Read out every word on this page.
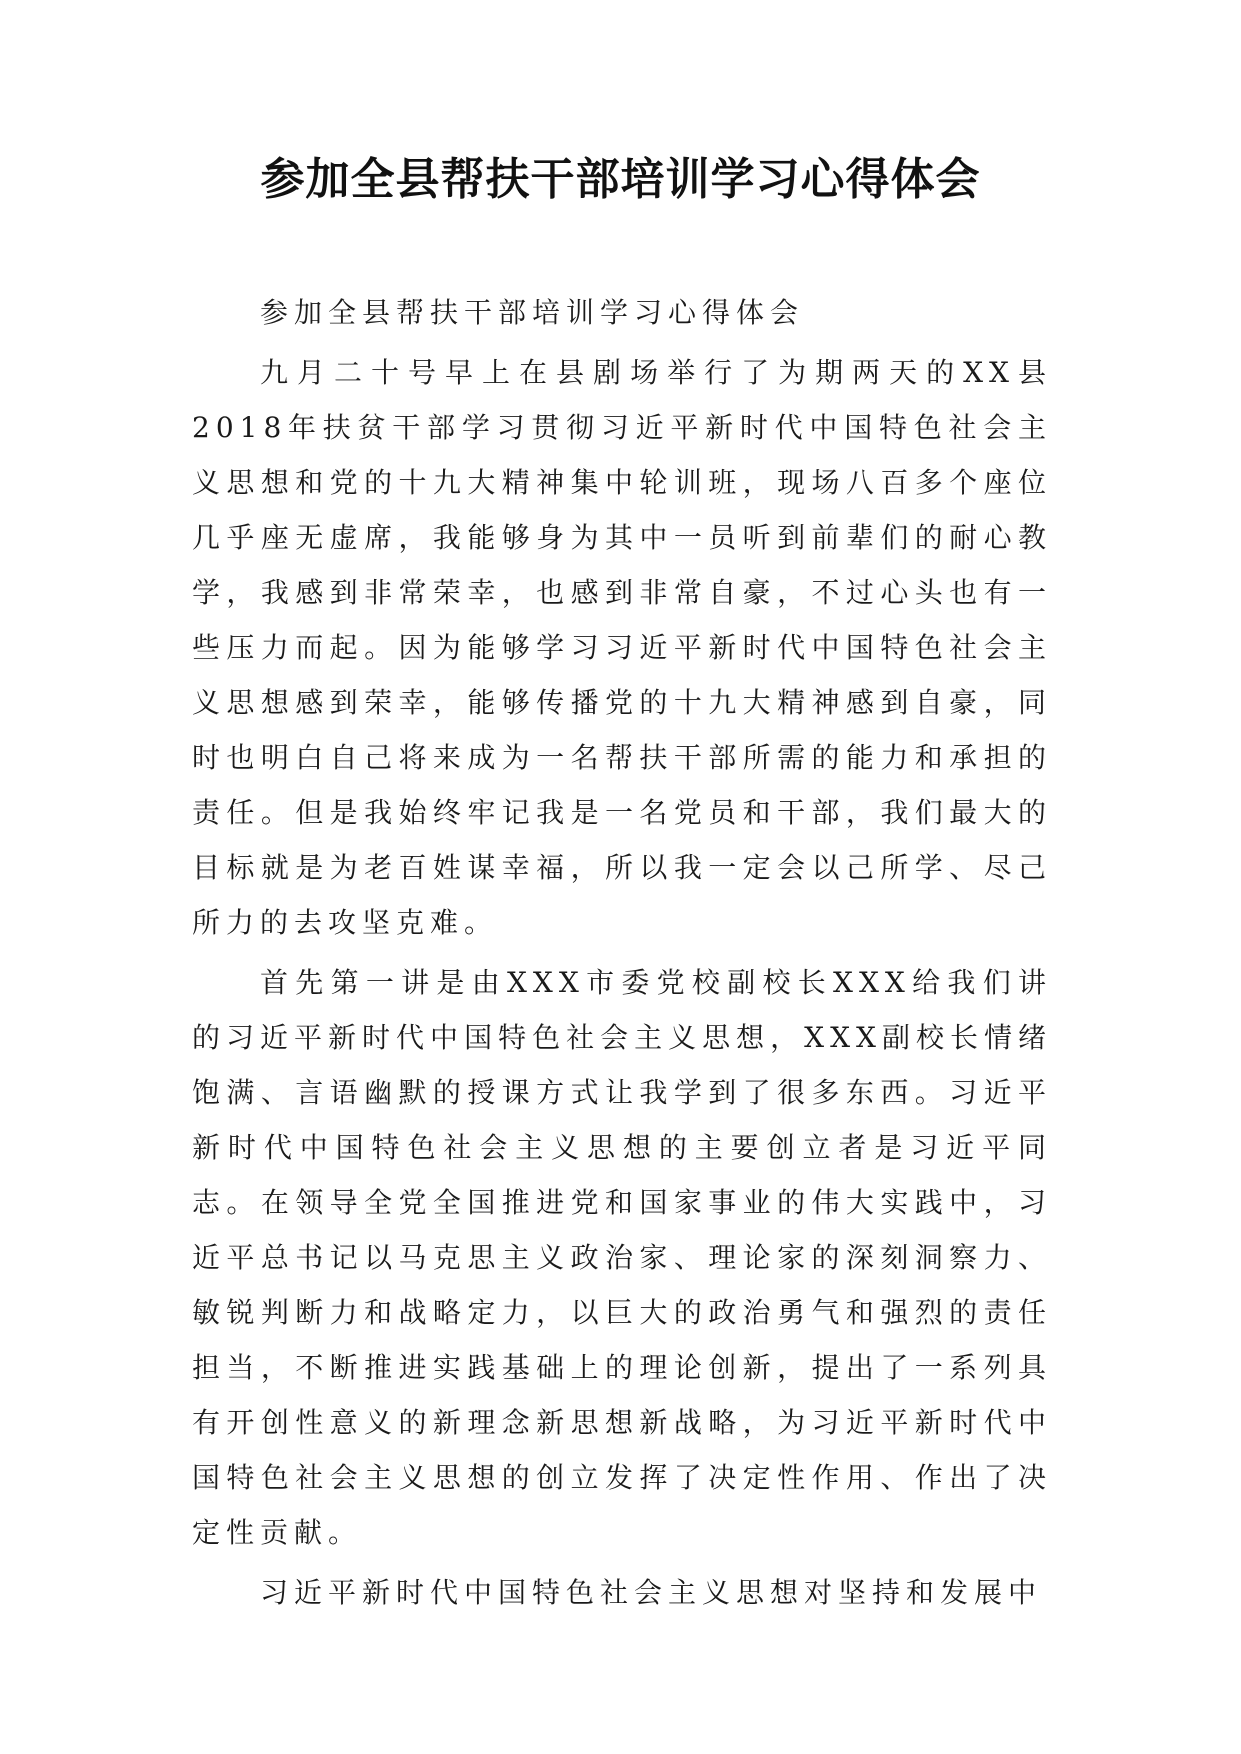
参加全县帮扶干部培训学习心得体会

参加全县帮扶干部培训学习心得体会

九月二十号早上在县剧场举行了为期两天的XX县2018年扶贫干部学习贯彻习近平新时代中国特色社会主义思想和党的十九大精神集中轮训班，现场八百多个座位几乎座无虚席，我能够身为其中一员听到前辈们的耐心教学，我感到非常荣幸，也感到非常自豪，不过心头也有一些压力而起。因为能够学习习近平新时代中国特色社会主义思想感到荣幸，能够传播党的十九大精神感到自豪，同时也明白自己将来成为一名帮扶干部所需的能力和承担的责任。但是我始终牢记我是一名党员和干部，我们最大的目标就是为老百姓谋幸福，所以我一定会以己所学、尽己所力的去攻坚克难。

首先第一讲是由XXX市委党校副校长XXX给我们讲的习近平新时代中国特色社会主义思想，XXX副校长情绪饱满、言语幽默的授课方式让我学到了很多东西。习近平新时代中国特色社会主义思想的主要创立者是习近平同志。在领导全党全国推进党和国家事业的伟大实践中，习近平总书记以马克思主义政治家、理论家的深刻洞察力、敏锐判断力和战略定力，以巨大的政治勇气和强烈的责任担当，不断推进实践基础上的理论创新，提出了一系列具有开创性意义的新理念新思想新战略，为习近平新时代中国特色社会主义思想的创立发挥了决定性作用、作出了决定性贡献。

习近平新时代中国特色社会主义思想对坚持和发展中
